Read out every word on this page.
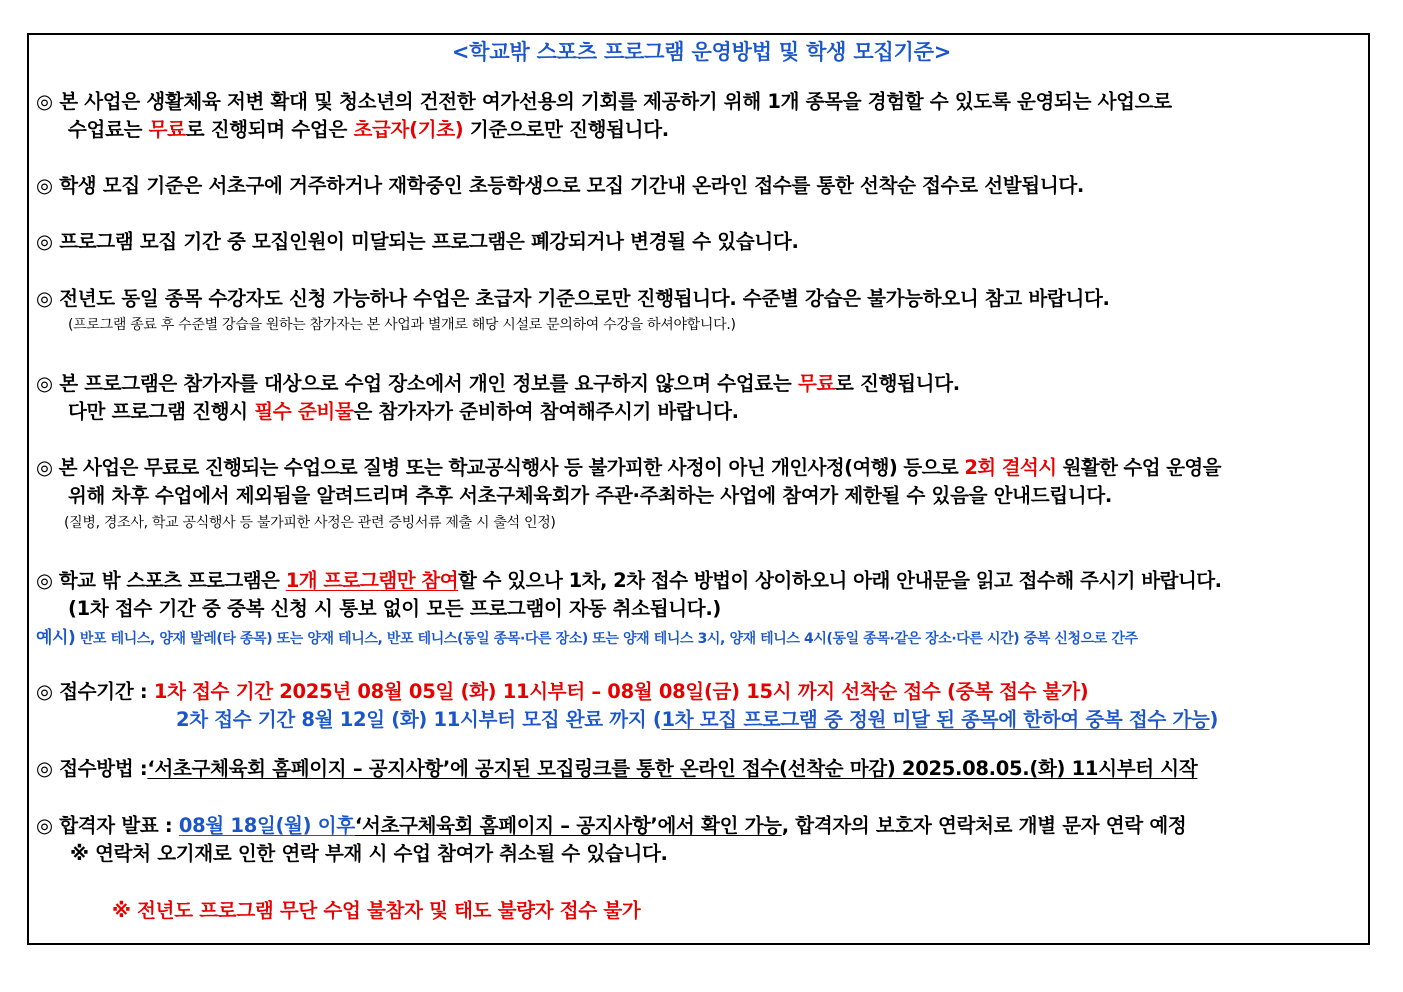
<학교밖 스포츠 프로그램 운영방법 및 학생 모집기준>
◎ 본 사업은 생활체육 저변 확대 및 청소년의 건전한 여가선용의 기회를 제공하기 위해 1개 종목을 경험할 수 있도록 운영되는 사업으로
수업료는 무료로 진행되며 수업은 초급자(기초) 기준으로만 진행됩니다.
◎ 학생 모집 기준은 서초구에 거주하거나 재학중인 초등학생으로 모집 기간내 온라인 접수를 통한 선착순 접수로 선발됩니다.
◎ 프로그램 모집 기간 중 모집인원이 미달되는 프로그램은 폐강되거나 변경될 수 있습니다.
◎ 전년도 동일 종목 수강자도 신청 가능하나 수업은 초급자 기준으로만 진행됩니다. 수준별 강습은 불가능하오니 참고 바랍니다.
(프로그램 종료 후 수준별 강습을 원하는 참가자는 본 사업과 별개로 해당 시설로 문의하여 수강을 하셔야합니다.)
◎ 본 프로그램은 참가자를 대상으로 수업 장소에서 개인 정보를 요구하지 않으며 수업료는 무료로 진행됩니다.
다만 프로그램 진행시 필수 준비물은 참가자가 준비하여 참여해주시기 바랍니다.
◎ 본 사업은 무료로 진행되는 수업으로 질병 또는 학교공식행사 등 불가피한 사정이 아닌 개인사정(여행) 등으로 2회 결석시 원활한 수업 운영을
위해 차후 수업에서 제외됨을 알려드리며 추후 서초구체육회가 주관·주최하는 사업에 참여가 제한될 수 있음을 안내드립니다.
(질병, 경조사, 학교 공식행사 등 불가피한 사정은 관련 증빙서류 제출 시 출석 인정)
◎ 학교 밖 스포츠 프로그램은 1개 프로그램만 참여할 수 있으나 1차, 2차 접수 방법이 상이하오니 아래 안내문을 읽고 접수해 주시기 바랍니다.
(1차 접수 기간 중 중복 신청 시 통보 없이 모든 프로그램이 자동 취소됩니다.)
예시) 반포 테니스, 양재 발레(타 종목) 또는 양재 테니스, 반포 테니스(동일 종목·다른 장소) 또는 양재 테니스 3시, 양재 테니스 4시(동일 종목·같은 장소·다른 시간) 중복 신청으로 간주
◎ 접수기간 : 1차 접수 기간 2025년 08월 05일 (화) 11시부터 – 08월 08일(금) 15시 까지 선착순 접수 (중복 접수 불가)
2차 접수 기간 8월 12일 (화) 11시부터 모집 완료 까지 (1차 모집 프로그램 중 정원 미달 된 종목에 한하여 중복 접수 가능)
◎ 접수방법 :‘서초구체육회 홈페이지 – 공지사항’에 공지된 모집링크를 통한 온라인 접수(선착순 마감) 2025.08.05.(화) 11시부터 시작
◎ 합격자 발표 : 08월 18일(월) 이후‘서초구체육회 홈페이지 – 공지사항’에서 확인 가능, 합격자의 보호자 연락처로 개별 문자 연락 예정
※ 연락처 오기재로 인한 연락 부재 시 수업 참여가 취소될 수 있습니다.
※ 전년도 프로그램 무단 수업 불참자 및 태도 불량자 접수 불가
